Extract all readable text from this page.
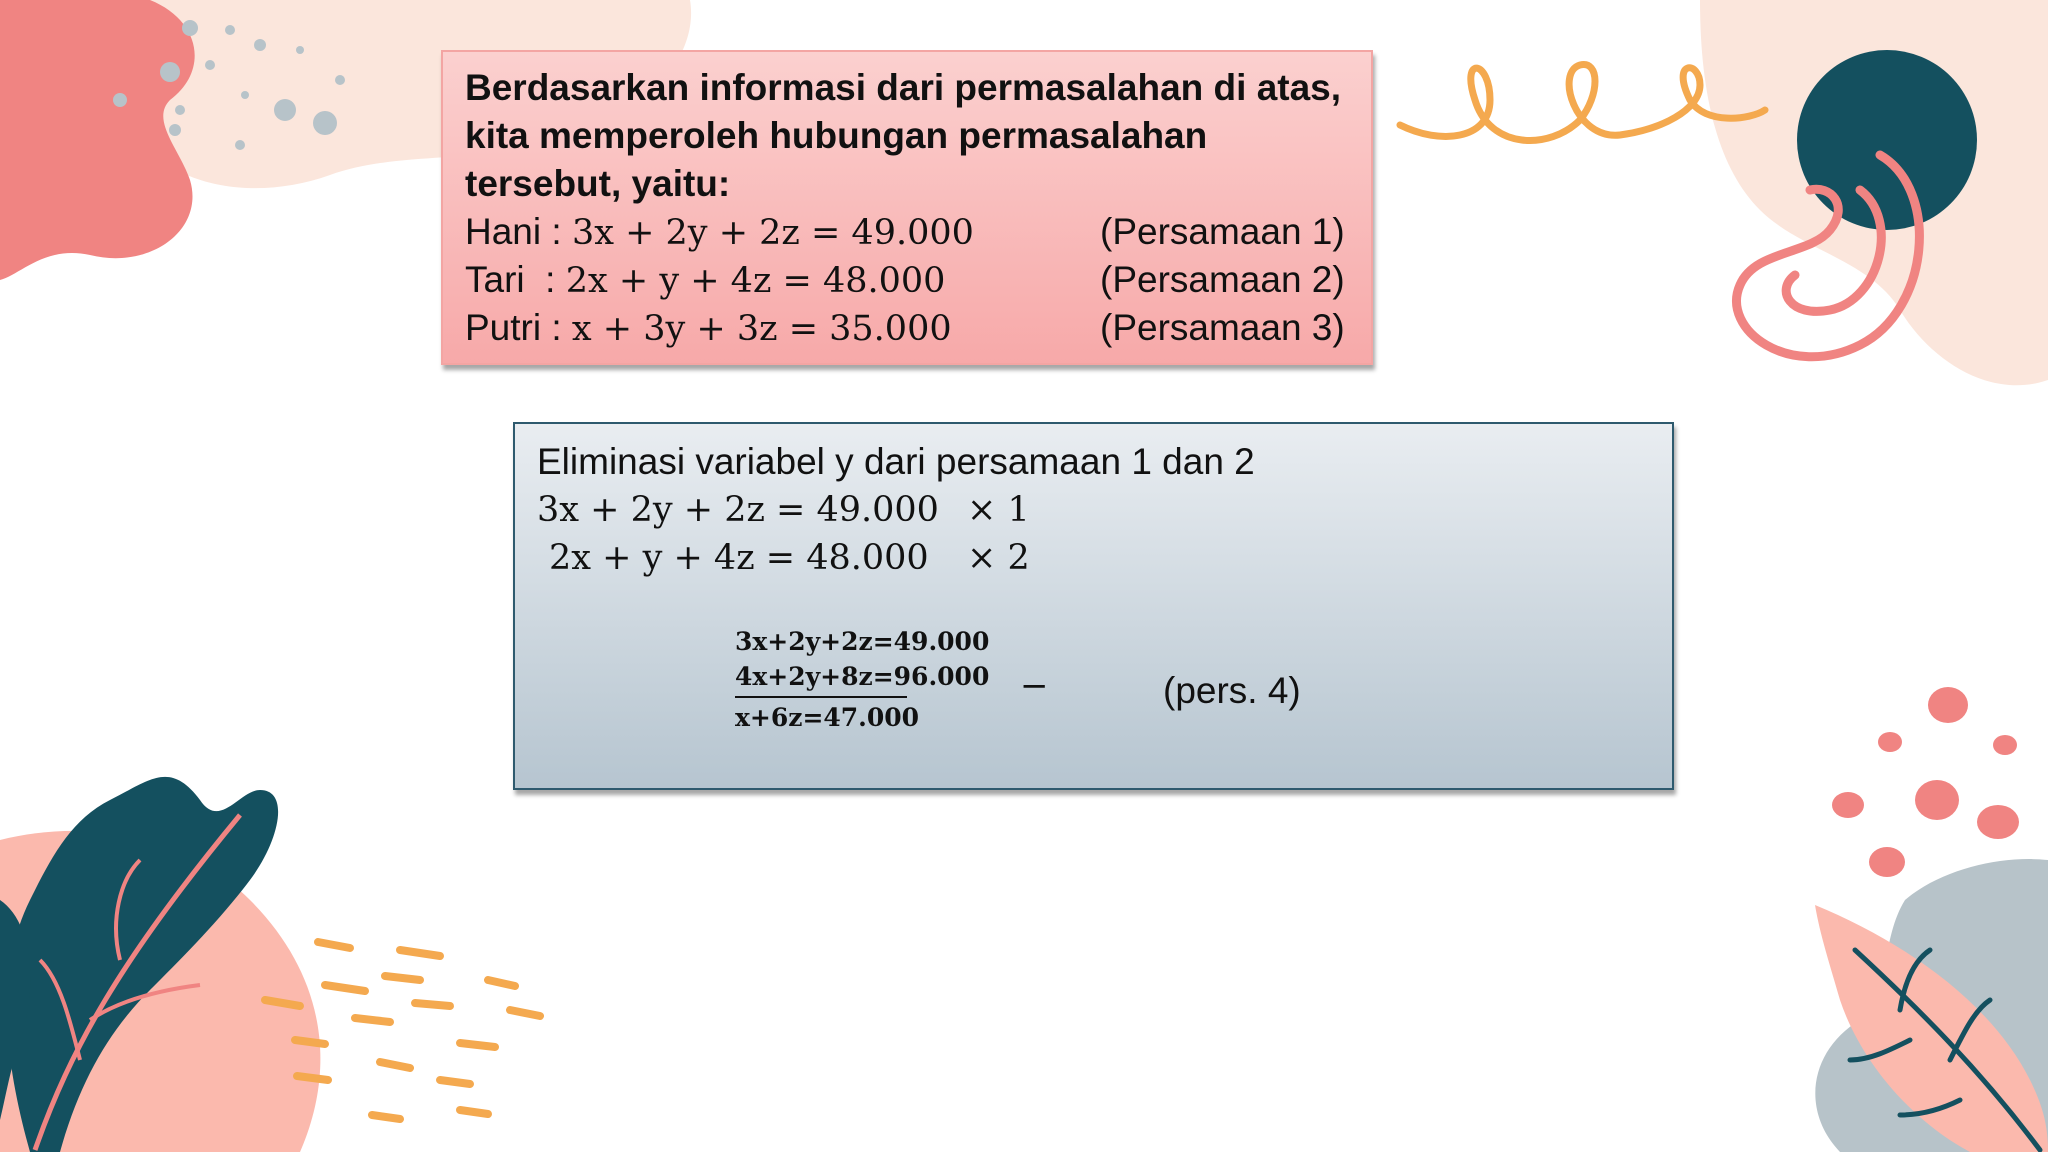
Berdasarkan informasi dari permasalahan di atas, kita memperoleh hubungan permasalahan tersebut, yaitu:
Hani : 3x + 2y + 2z = 49.000	(Persamaan 1)
Tari  : 2x + y + 4z = 48.000	(Persamaan 2)
Putri : x + 3y + 3z = 35.000	(Persamaan 3)
Eliminasi variabel y dari persamaan 1 dan 2
3x + 2y + 2z = 49.000 × 1
2x + y + 4z = 48.000 × 2
3x+2y+2z=49.000
4x+2y+8z=96.000
x+6z=47.000
−	(pers. 4)
